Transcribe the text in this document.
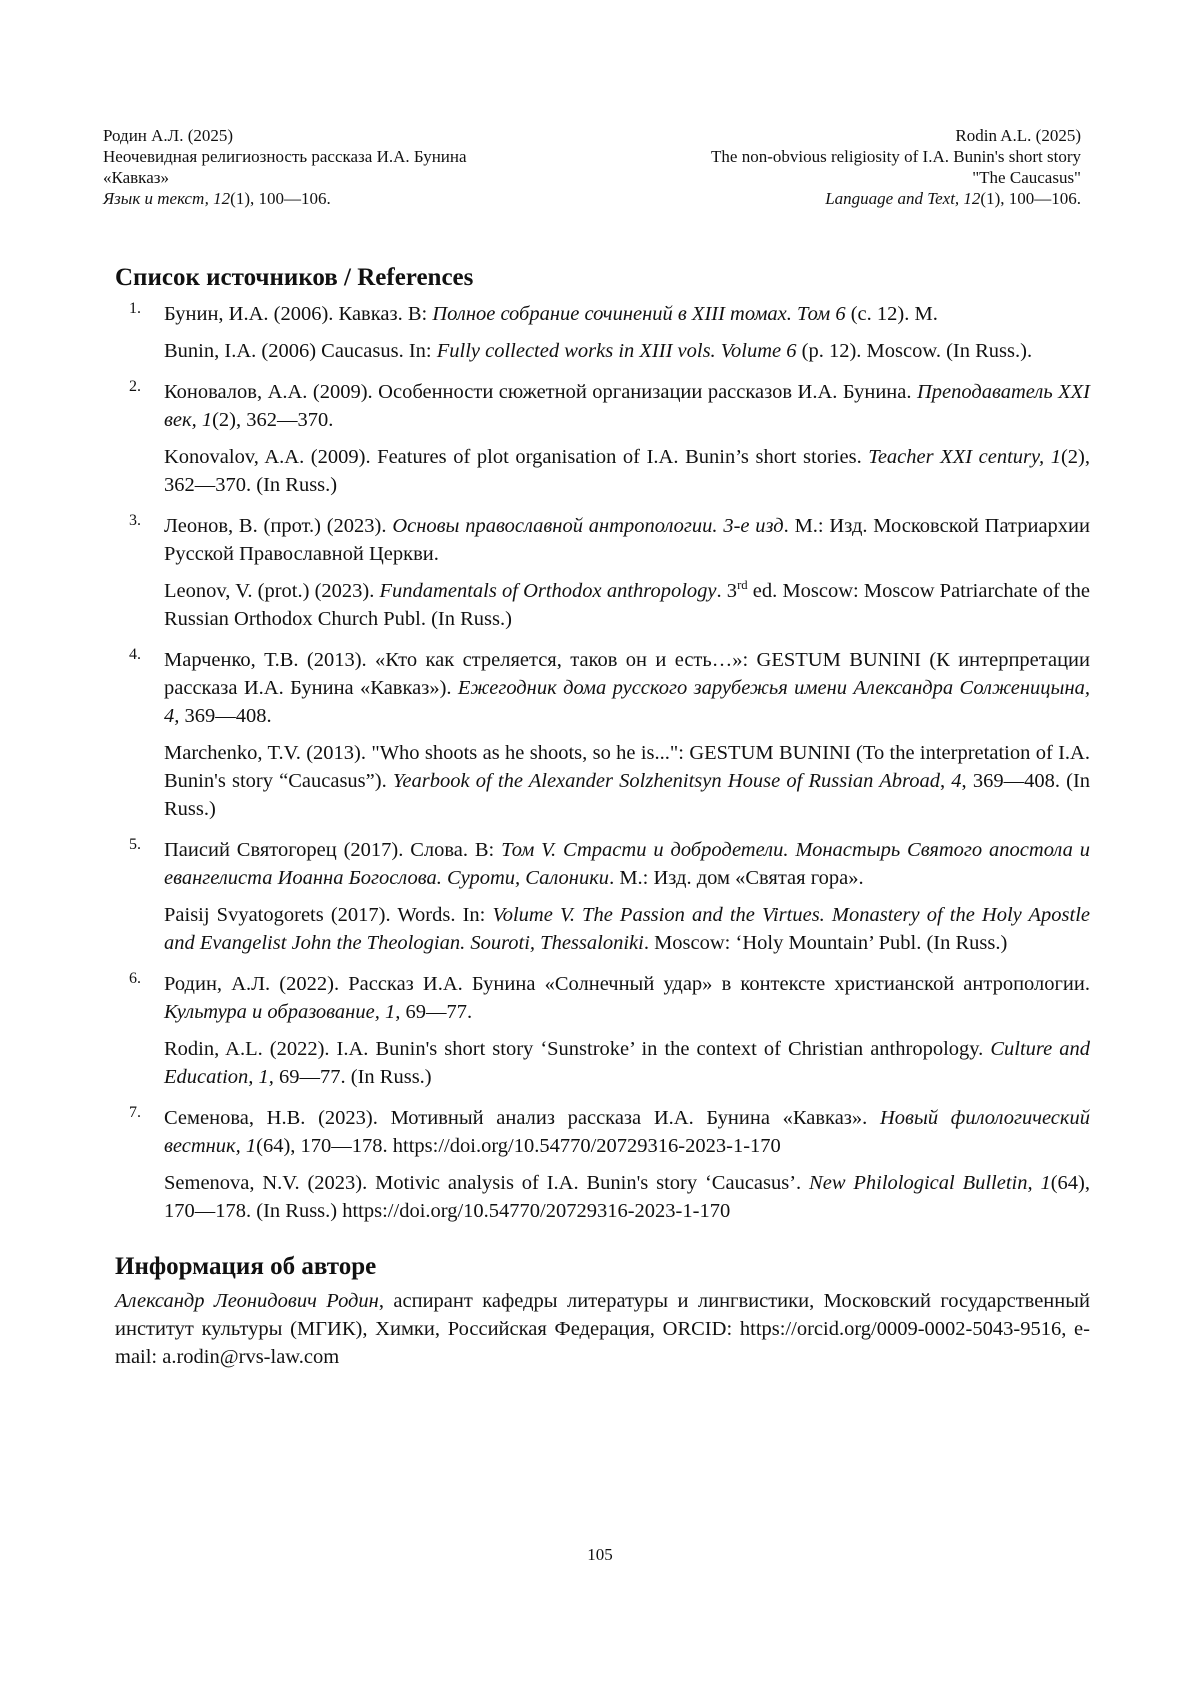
Родин А.Л. (2025)
Неочевидная религиозность рассказа И.А. Бунина
«Кавказ»
Язык и текст, 12(1), 100—106.
Rodin A.L. (2025)
The non-obvious religiosity of I.A. Bunin's short story
"The Caucasus"
Language and Text, 12(1), 100—106.
Список источников / References
1. Бунин, И.А. (2006). Кавказ. В: Полное собрание сочинений в XIII томах. Том 6 (с. 12). М.

Bunin, I.A. (2006) Caucasus. In: Fully collected works in XIII vols. Volume 6 (p. 12). Moscow. (In Russ.).

2. Коновалов, А.А. (2009). Особенности сюжетной организации рассказов И.А. Бунина. Преподаватель XXI век, 1(2), 362—370.

Konovalov, A.A. (2009). Features of plot organisation of I.A. Bunin’s short stories. Teacher XXI century, 1(2), 362—370. (In Russ.)

3. Леонов, В. (прот.) (2023). Основы православной антропологии. 3-е изд. М.: Изд. Московской Патриархии Русской Православной Церкви.

Leonov, V. (prot.) (2023). Fundamentals of Orthodox anthropology. 3rd ed. Moscow: Moscow Patriarchate of the Russian Orthodox Church Publ. (In Russ.)

4. Марченко, Т.В. (2013). «Кто как стреляется, таков он и есть…»: GESTUM BUNINI (К интерпретации рассказа И.А. Бунина «Кавказ»). Ежегодник дома русского зарубежья имени Александра Солженицына, 4, 369—408.

Marchenko, T.V. (2013). "Who shoots as he shoots, so he is...": GESTUM BUNINI (To the interpretation of I.A. Bunin's story “Caucasus”). Yearbook of the Alexander Solzhenitsyn House of Russian Abroad, 4, 369—408. (In Russ.)

5. Паисий Святогорец (2017). Слова. В: Том V. Страсти и добродетели. Монастырь Святого апостола и евангелиста Иоанна Богослова. Суроти, Салоники. М.: Изд. дом «Святая гора».

Paisij Svyatogorets (2017). Words. In: Volume V. The Passion and the Virtues. Monastery of the Holy Apostle and Evangelist John the Theologian. Souroti, Thessaloniki. Moscow: ‘Holy Mountain’ Publ. (In Russ.)

6. Родин, А.Л. (2022). Рассказ И.А. Бунина «Солнечный удар» в контексте христианской антропологии. Культура и образование, 1, 69—77.

Rodin, A.L. (2022). I.A. Bunin's short story ‘Sunstroke’ in the context of Christian anthropology. Culture and Education, 1, 69—77. (In Russ.)

7. Семенова, Н.В. (2023). Мотивный анализ рассказа И.А. Бунина «Кавказ». Новый филологический вестник, 1(64), 170—178. https://doi.org/10.54770/20729316-2023-1-170

Semenova, N.V. (2023). Motivic analysis of I.A. Bunin's story ‘Caucasus’. New Philological Bulletin, 1(64), 170—178. (In Russ.) https://doi.org/10.54770/20729316-2023-1-170

Информация об авторе

Александр Леонидович Родин, аспирант кафедры литературы и лингвистики, Московский государственный институт культуры (МГИК), Химки, Российская Федерация, ORCID: https://orcid.org/0009-0002-5043-9516, e-mail: a.rodin@rvs-law.com

105
